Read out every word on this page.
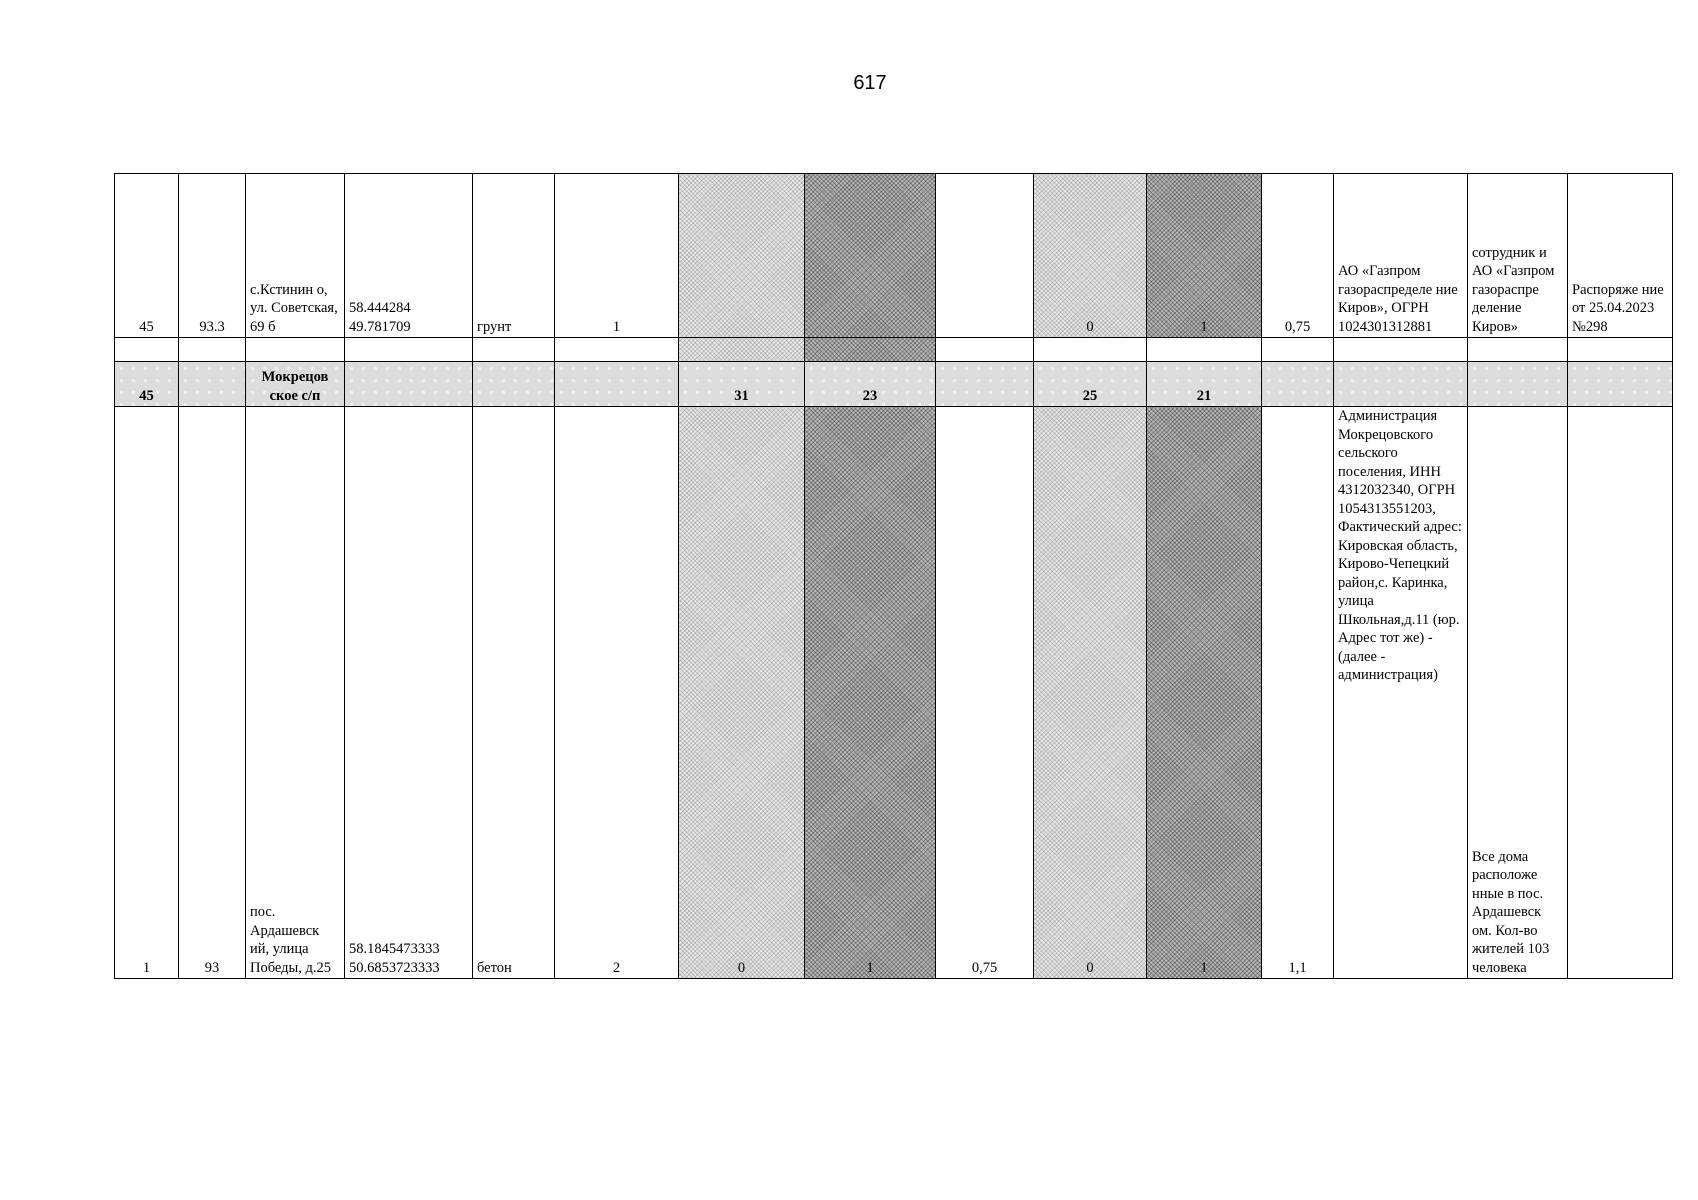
617
45	93.3	с.Кстинин о, ул. Советская, 69 б	58.444284 49.781709	грунт	1				0	1	0,75	АО «Газпром газораспределе ние Киров», ОГРН 1024301312881	сотрудник и АО «Газпром газораспре деление Киров»	Распоряже ние от 25.04.2023 №298

45		Мокрецов ское с/п				31	23		25	21				
1	93	пос. Ардашевск ий, улица Победы, д.25	58.1845473333 50.6853723333	бетон	2	0	1	0,75	0	1	1,1	Администрация Мокрецовского сельского поселения, ИНН 4312032340, ОГРН 1054313551203, Фактический адрес: Кировская область, Кирово-Чепецкий район,с. Каринка, улица Школьная,д.11 (юр. Адрес тот же) - (далее - администрация)	Все дома расположе нные в пос. Ардашевск ом. Кол-во жителей 103 человека	
